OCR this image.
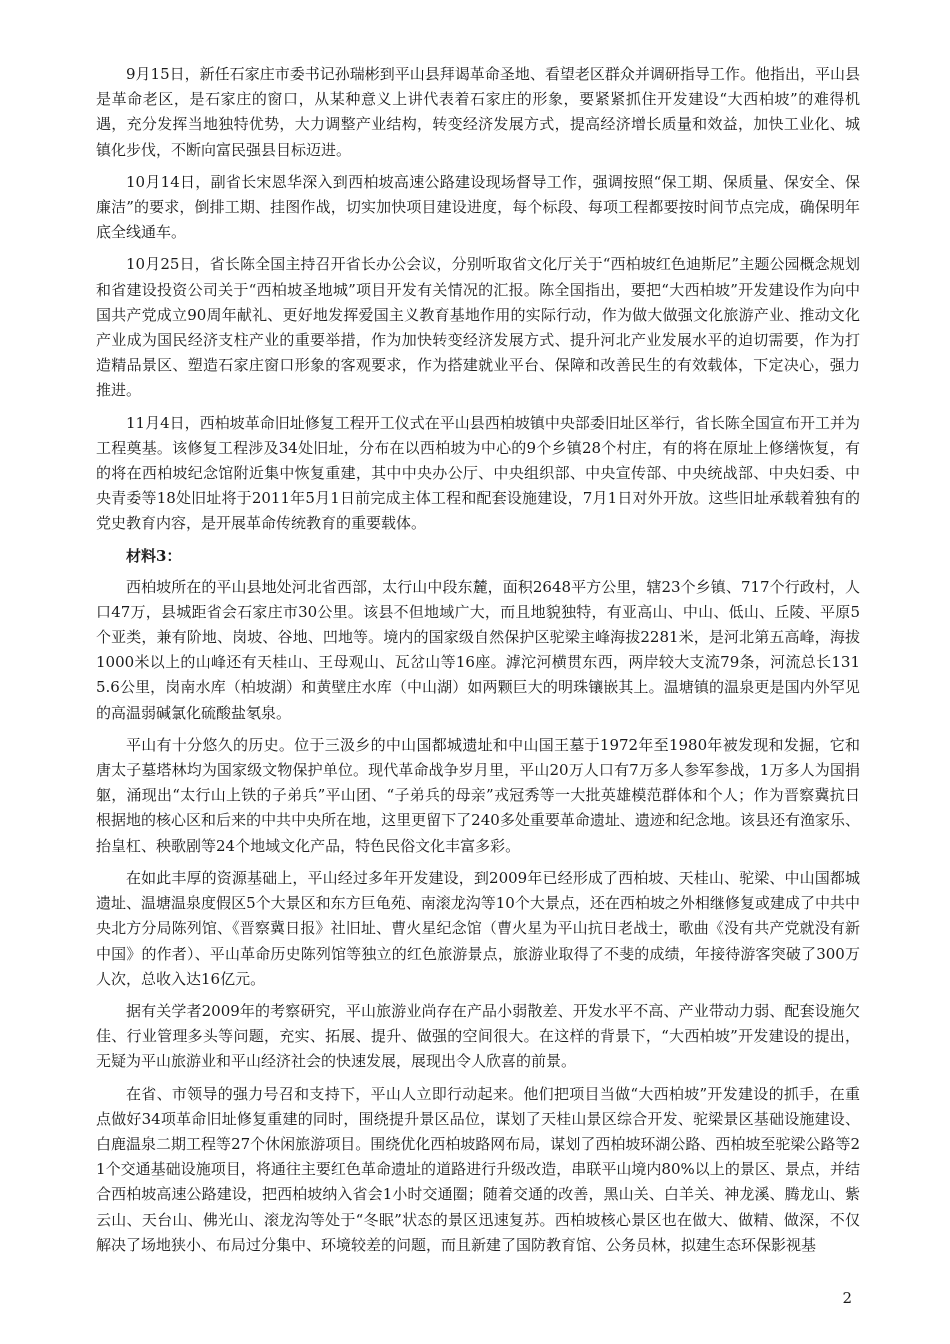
9月15日，新任石家庄市委书记孙瑞彬到平山县拜谒革命圣地、看望老区群众并调研指导工作。他指出，平山县是革命老区，是石家庄的窗口，从某种意义上讲代表着石家庄的形象，要紧紧抓住开发建设“大西柏坡”的难得机遇，充分发挥当地独特优势，大力调整产业结构，转变经济发展方式，提高经济增长质量和效益，加快工业化、城镇化步伐，不断向富民强县目标迈进。

10月14日，副省长宋恩华深入到西柏坡高速公路建设现场督导工作，强调按照“保工期、保质量、保安全、保廉洁”的要求，倒排工期、挂图作战，切实加快项目建设进度，每个标段、每项工程都要按时间节点完成，确保明年底全线通车。

10月25日，省长陈全国主持召开省长办公会议，分别听取省文化厅关于“西柏坡红色迪斯尼”主题公园概念规划和省建设投资公司关于“西柏坡圣地城”项目开发有关情况的汇报。陈全国指出，要把“大西柏坡”开发建设作为向中国共产党成立90周年献礼、更好地发挥爱国主义教育基地作用的实际行动，作为做大做强文化旅游产业、推动文化产业成为国民经济支柱产业的重要举措，作为加快转变经济发展方式、提升河北产业发展水平的迫切需要，作为打造精品景区、塑造石家庄窗口形象的客观要求，作为搭建就业平台、保障和改善民生的有效载体，下定决心，强力推进。

11月4日，西柏坡革命旧址修复工程开工仪式在平山县西柏坡镇中央部委旧址区举行，省长陈全国宣布开工并为工程奠基。该修复工程涉及34处旧址，分布在以西柏坡为中心的9个乡镇28个村庄，有的将在原址上修缮恢复，有的将在西柏坡纪念馆附近集中恢复重建，其中中央办公厅、中央组织部、中央宣传部、中央统战部、中央妇委、中央青委等18处旧址将于2011年5月1日前完成主体工程和配套设施建设，7月1日对外开放。这些旧址承载着独有的党史教育内容，是开展革命传统教育的重要载体。

材料3：

西柏坡所在的平山县地处河北省西部，太行山中段东麓，面积2648平方公里，辖23个乡镇、717个行政村，人口47万，县城距省会石家庄市30公里。该县不但地域广大，而且地貌独特，有亚高山、中山、低山、丘陵、平原5个亚类，兼有阶地、岗坡、谷地、凹地等。境内的国家级自然保护区驼梁主峰海拔2281米，是河北第五高峰，海拔1000米以上的山峰还有天桂山、王母观山、瓦岔山等16座。滹沱河横贯东西，两岸较大支流79条，河流总长1315.6公里，岗南水库（柏坡湖）和黄壁庄水库（中山湖）如两颗巨大的明珠镶嵌其上。温塘镇的温泉更是国内外罕见的高温弱碱氯化硫酸盐氡泉。

平山有十分悠久的历史。位于三汲乡的中山国都城遗址和中山国王墓于1972年至1980年被发现和发掘，它和唐太子墓塔林均为国家级文物保护单位。现代革命战争岁月里，平山20万人口有7万多人参军参战，1万多人为国捐躯，涌现出“太行山上铁的子弟兵”平山团、“子弟兵的母亲”戎冠秀等一大批英雄模范群体和个人；作为晋察冀抗日根据地的核心区和后来的中共中央所在地，这里更留下了240多处重要革命遗址、遗迹和纪念地。该县还有渔家乐、抬皇杠、秧歌剧等24个地域文化产品，特色民俗文化丰富多彩。

在如此丰厚的资源基础上，平山经过多年开发建设，到2009年已经形成了西柏坡、天桂山、驼梁、中山国都城遗址、温塘温泉度假区5个大景区和东方巨龟苑、南滚龙沟等10个大景点，还在西柏坡之外相继修复或建成了中共中央北方分局陈列馆、《晋察冀日报》社旧址、曹火星纪念馆（曹火星为平山抗日老战士，歌曲《没有共产党就没有新中国》的作者）、平山革命历史陈列馆等独立的红色旅游景点，旅游业取得了不斐的成绩，年接待游客突破了300万人次，总收入达16亿元。

据有关学者2009年的考察研究，平山旅游业尚存在产品小弱散差、开发水平不高、产业带动力弱、配套设施欠佳、行业管理多头等问题，充实、拓展、提升、做强的空间很大。在这样的背景下，“大西柏坡”开发建设的提出，无疑为平山旅游业和平山经济社会的快速发展，展现出令人欣喜的前景。

在省、市领导的强力号召和支持下，平山人立即行动起来。他们把项目当做“大西柏坡”开发建设的抓手，在重点做好34项革命旧址修复重建的同时，围绕提升景区品位，谋划了天桂山景区综合开发、驼梁景区基础设施建设、白鹿温泉二期工程等27个休闲旅游项目。围绕优化西柏坡路网布局，谋划了西柏坡环湖公路、西柏坡至驼梁公路等21个交通基础设施项目，将通往主要红色革命遗址的道路进行升级改造，串联平山境内80%以上的景区、景点，并结合西柏坡高速公路建设，把西柏坡纳入省会1小时交通圈；随着交通的改善，黑山关、白羊关、神龙溪、腾龙山、紫云山、天台山、佛光山、滚龙沟等处于“冬眠”状态的景区迅速复苏。西柏坡核心景区也在做大、做精、做深，不仅解决了场地狭小、布局过分集中、环境较差的问题，而且新建了国防教育馆、公务员林，拟建生态环保影视基

2
